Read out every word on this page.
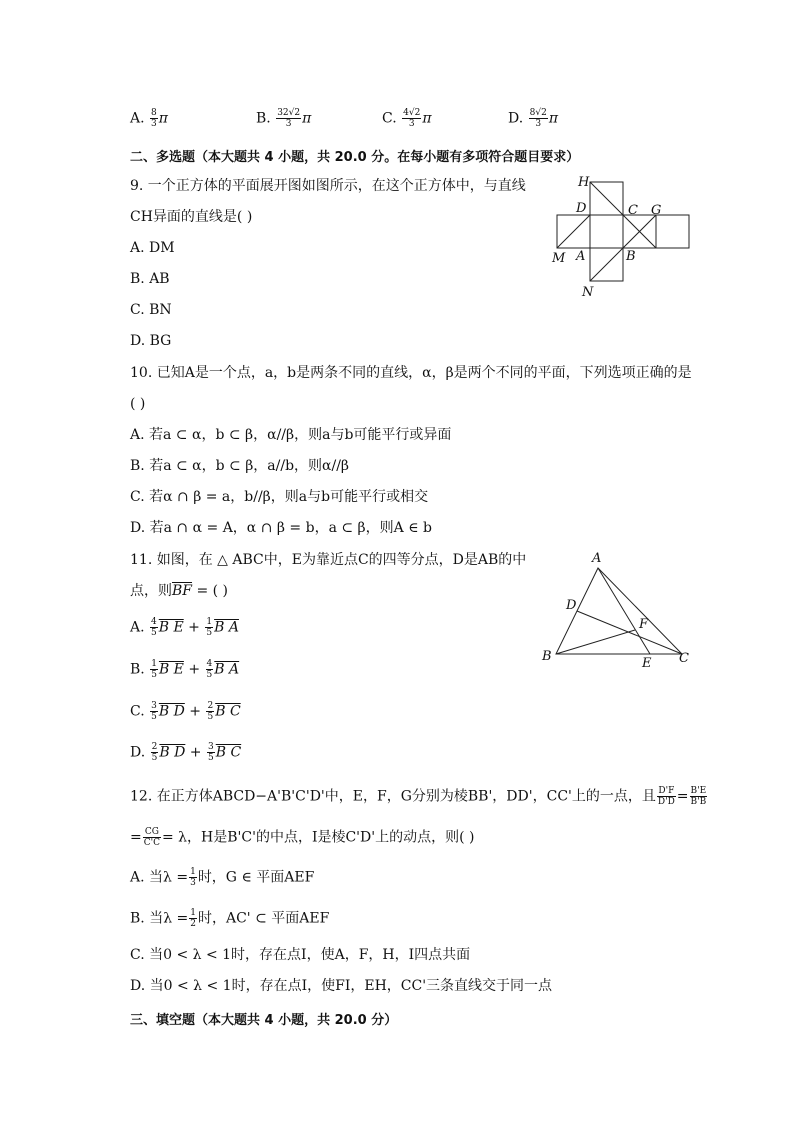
A. $\frac{8}{3}$ π	B. $\frac{32√2}{3}$ π	C. $\frac{4√2}{3}$ π	D. $\frac{8√2}{3}$ π
二、多选题（本大题共 4 小题，共 20.0 分。在每小题有多项符合题目要求）
9. 一个正方体的平面展开图如图所示，在这个正方体中，与直线
CH异面的直线是( )
A. DM
B. AB
C. BN
D. BG
H
D	C G
M A	B
N
10. 已知A是一个点，a，b是两条不同的直线，α，β是两个不同的平面，下列选项正确的是
( )
A. 若a ⊂ α，b ⊂ β，α//β，则a与b可能平行或异面
B. 若a ⊂ α，b ⊂ β，a//b，则α//β
C. 若α ∩ β = a，b//β，则a与b可能平行或相交
D. 若a ∩ α = A，α ∩ β = b，a ⊂ β，则A ∈ b
11. 如图，在 △ ABC中，E为靠近点C的四等分点，D是AB的中
点，则$\overline{BF}$ = ( )
A. $\frac{4}{5}$ B $E + \frac{1}{5}$ B A
B. $\frac{1}{5}$ B $E + \frac{4}{5}$ B A
C. $\frac{3}{5}$ B $D + \frac{2}{5}$ B C
D. $\frac{2}{5}$ B $D + \frac{3}{5}$ B C
A
D
F
B	E C
12. 在正方体ABCD−A'B'C'D'中，E，F，G分别为棱BB'，DD'，CC'上的一点，且 $\frac{D'F}{D'D} = \frac{B'E}{B'B}$
= $\frac{CG}{C'C} = \lambda$，H是B'C'的中点，I是棱C'D'上的动点，则( )
A. 当$\lambda = \frac{1}{3}$ 时，G ∈ 平面AEF
B. 当$\lambda = \frac{1}{2}$ 时，AC' ⊂ 平面AEF
C. 当0 < λ < 1时，存在点I，使A，F，H，I四点共面
D. 当0 < λ < 1时，存在点I，使FI，EH，CC'三条直线交于同一点
三、填空题（本大题共 4 小题，共 20.0 分）
